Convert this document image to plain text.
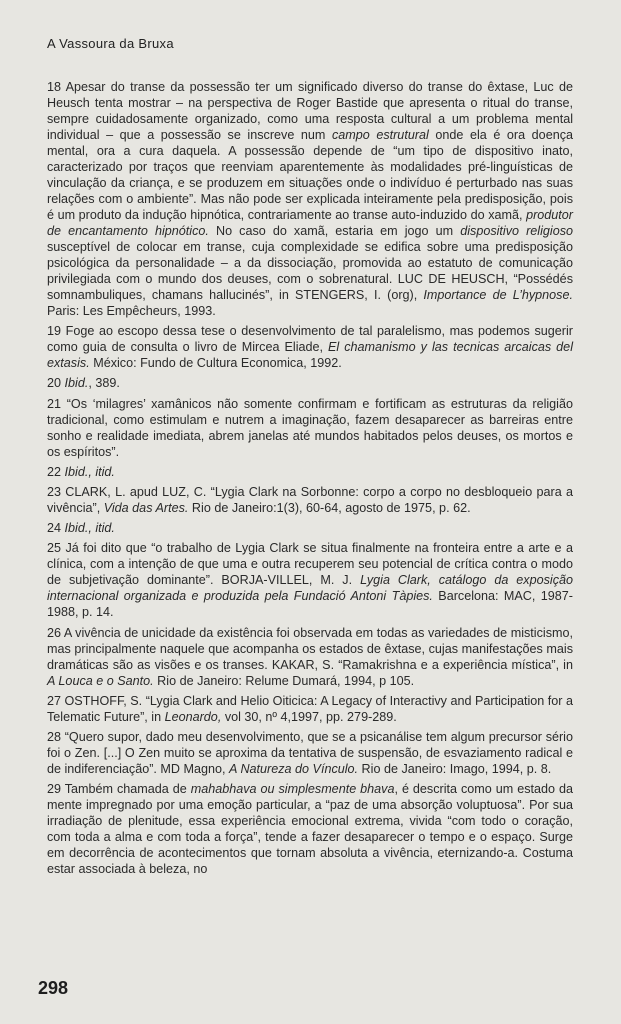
A Vassoura da Bruxa

18 Apesar do transe da possessão ter um significado diverso do transe do êxtase, Luc de Heusch tenta mostrar – na perspectiva de Roger Bastide que apresenta o ritual do transe, sempre cuidadosamente organizado, como uma resposta cultural a um problema mental individual – que a possessão se inscreve num campo estrutural onde ela é ora doença mental, ora a cura daquela. A possessão depende de “um tipo de dispositivo inato, caracterizado por traços que reenviam aparentemente às modalidades pré-linguísticas de vinculação da criança, e se produzem em situações onde o indivíduo é perturbado nas suas relações com o ambiente”. Mas não pode ser explicada inteiramente pela predisposição, pois é um produto da indução hipnótica, contrariamente ao transe auto-induzido do xamã, produtor de encantamento hipnótico. No caso do xamã, estaria em jogo um dispositivo religioso susceptível de colocar em transe, cuja complexidade se edifica sobre uma predisposição psicológica da personalidade – a da dissociação, promovida ao estatuto de comunicação privilegiada com o mundo dos deuses, com o sobrenatural. LUC DE HEUSCH, “Possédés somnambuliques, chamans hallucinés”, in STENGERS, I. (org), Importance de L’hypnose. Paris: Les Empêcheurs, 1993.

19 Foge ao escopo dessa tese o desenvolvimento de tal paralelismo, mas podemos sugerir como guia de consulta o livro de Mircea Eliade, El chamanismo y las tecnicas arcaicas del extasis. México: Fundo de Cultura Economica, 1992.

20 Ibid., 389.

21 “Os ‘milagres’ xamânicos não somente confirmam e fortificam as estruturas da religião tradicional, como estimulam e nutrem a imaginação, fazem desaparecer as barreiras entre sonho e realidade imediata, abrem janelas até mundos habitados pelos deuses, os mortos e os espíritos”.

22 Ibid., itid.

23 CLARK, L. apud LUZ, C. “Lygia Clark na Sorbonne: corpo a corpo no desbloqueio para a vivência”, Vida das Artes. Rio de Janeiro:1(3), 60-64, agosto de 1975, p. 62.

24 Ibid., itid.

25 Já foi dito que “o trabalho de Lygia Clark se situa finalmente na fronteira entre a arte e a clínica, com a intenção de que uma e outra recuperem seu potencial de crítica contra o modo de subjetivação dominante”. BORJA-VILLEL, M. J. Lygia Clark, catálogo da exposição internacional organizada e produzida pela Fundació Antoni Tàpies. Barcelona: MAC, 1987-1988, p. 14.

26 A vivência de unicidade da existência foi observada em todas as variedades de misticismo, mas principalmente naquele que acompanha os estados de êxtase, cujas manifestações mais dramáticas são as visões e os transes. KAKAR, S. “Ramakrishna e a experiência mística”, in A Louca e o Santo. Rio de Janeiro: Relume Dumará, 1994, p 105.

27 OSTHOFF, S. “Lygia Clark and Helio Oiticica: A Legacy of Interactivy and Participation for a Telematic Future”, in Leonardo, vol 30, nº 4,1997, pp. 279-289.

28 “Quero supor, dado meu desenvolvimento, que se a psicanálise tem algum precursor sério foi o Zen. [...] O Zen muito se aproxima da tentativa de suspensão, de esvaziamento radical e de indiferenciação”. MD Magno, A Natureza do Vínculo. Rio de Janeiro: Imago, 1994, p. 8.

29 Também chamada de mahabhava ou simplesmente bhava, é descrita como um estado da mente impregnado por uma emoção particular, a “paz de uma absorção voluptuosa”. Por sua irradiação de plenitude, essa experiência emocional extrema, vivida “com todo o coração, com toda a alma e com toda a força”, tende a fazer desaparecer o tempo e o espaço. Surge em decorrência de acontecimentos que tornam absoluta a vivência, eternizando-a. Costuma estar associada à beleza, no

298
